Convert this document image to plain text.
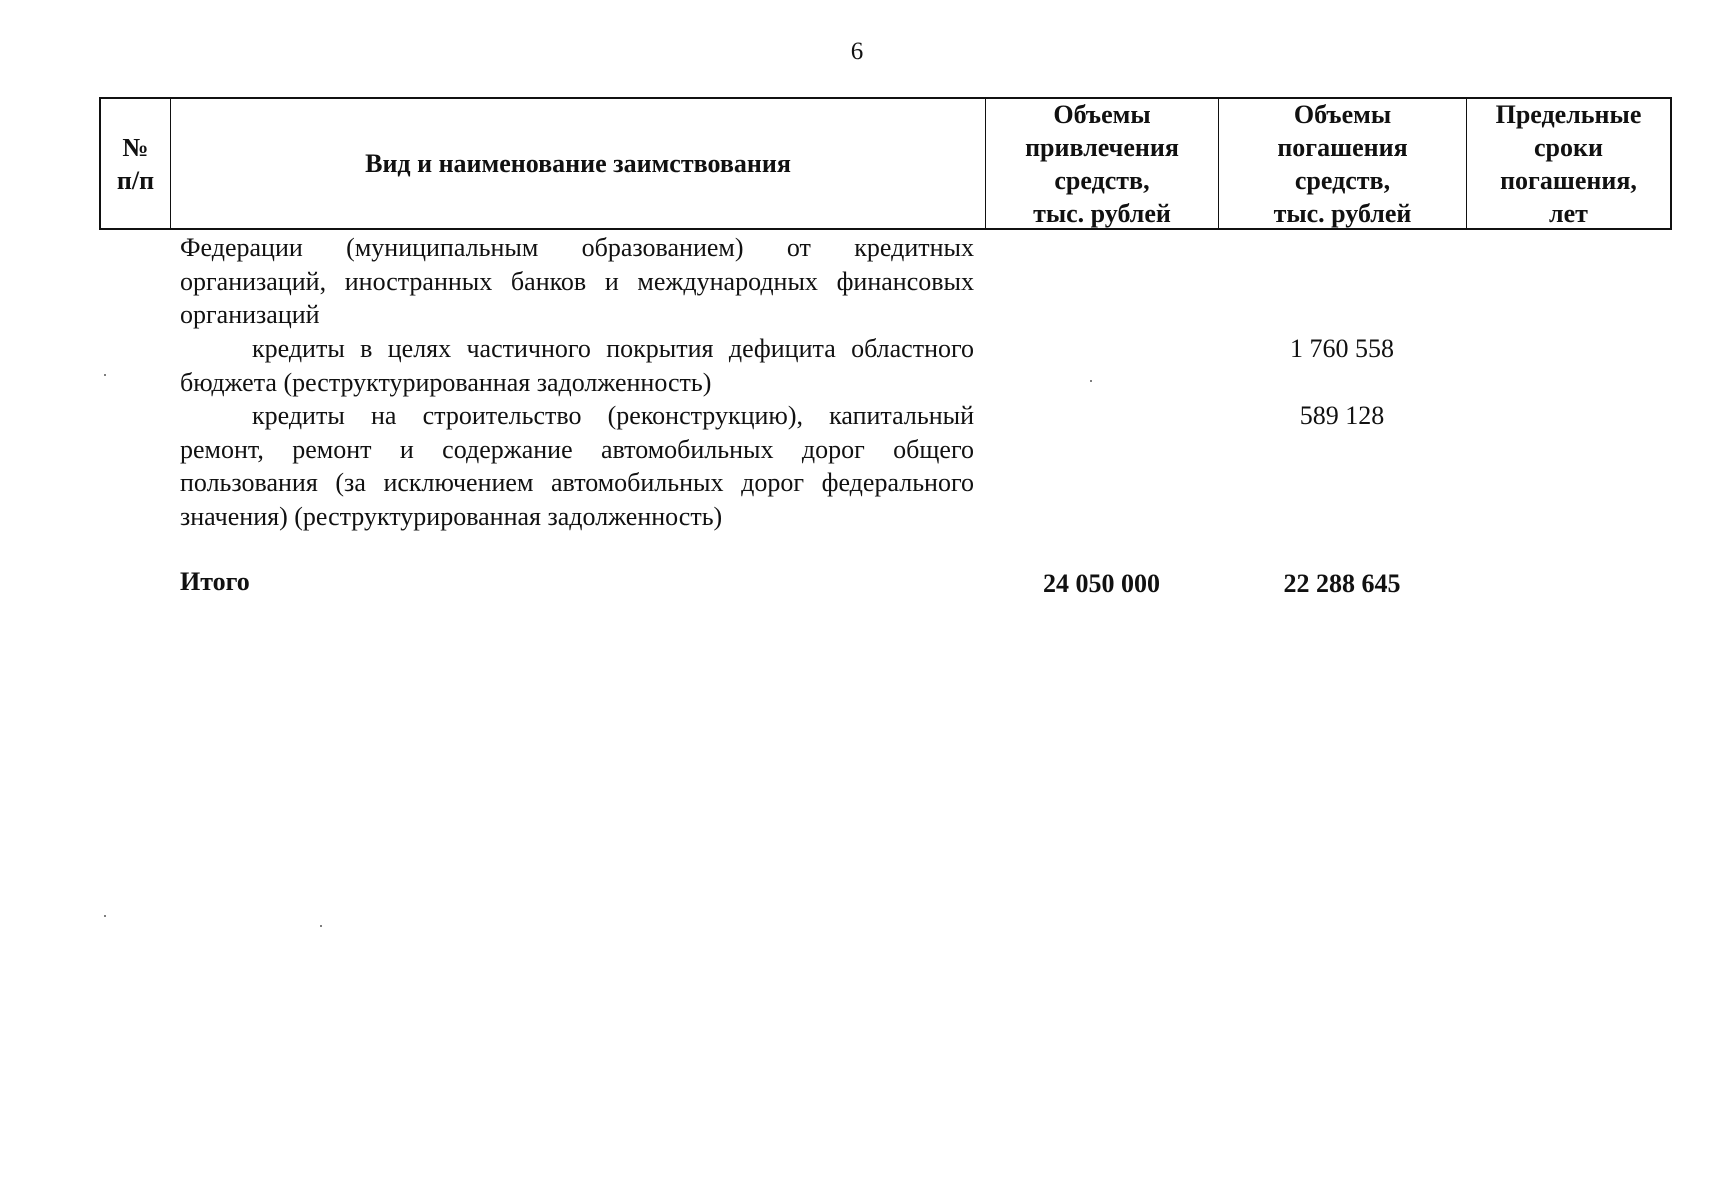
6
№
п/п
Вид и наименование заимствования
Объемы
привлечения
средств,
тыс. рублей
Объемы
погашения
средств,
тыс. рублей
Предельные
сроки
погашения,
лет
Федерации (муниципальным образованием) от кредитных организаций, иностранных банков и международных финансовых организаций
кредиты в целях частичного покрытия дефицита областного бюджета (реструктурированная задолженность)
1 760 558
кредиты на строительство (реконструкцию), капитальный ремонт, ремонт и содержание автомобильных дорог общего пользования (за исключением автомобильных дорог федерального значения) (реструктурированная задолженность)
589 128
Итого	24 050 000	22 288 645
